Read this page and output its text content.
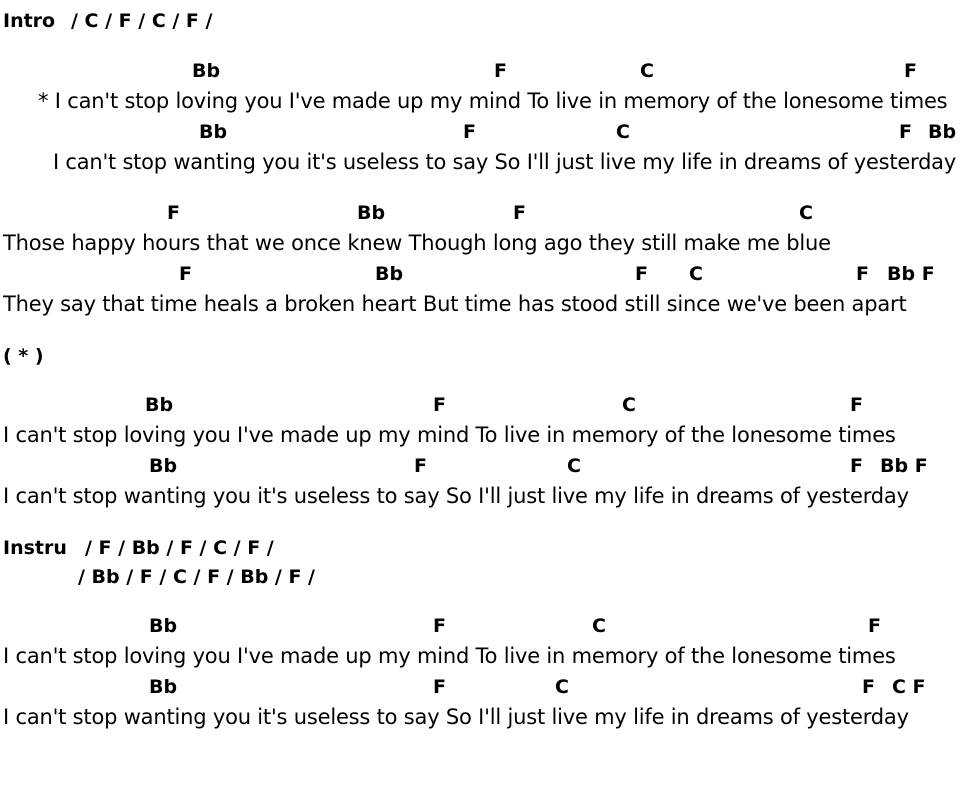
Intro / C / F / C / F /
Bb	F	C	F
* I can't stop loving you I've made up my mind To live in memory of the lonesome times
Bb	F	C	F Bb
I can't stop wanting you it's useless to say So I'll just live my life in dreams of yesterday
F	Bb	F	C
Those happy hours that we once knew Though long ago they still make me blue
F	Bb	F C	F Bb F
They say that time heals a broken heart But time has stood still since we've been apart
( * )
Bb	F	C	F
I can't stop loving you I've made up my mind To live in memory of the lonesome times
Bb	F	C	F Bb F
I can't stop wanting you it's useless to say So I'll just live my life in dreams of yesterday
Instru / F / Bb / F / C / F /
/ Bb / F / C / F / Bb / F /
Bb	F	C	F
I can't stop loving you I've made up my mind To live in memory of the lonesome times
Bb	F	C	F C F
I can't stop wanting you it's useless to say So I'll just live my life in dreams of yesterday
